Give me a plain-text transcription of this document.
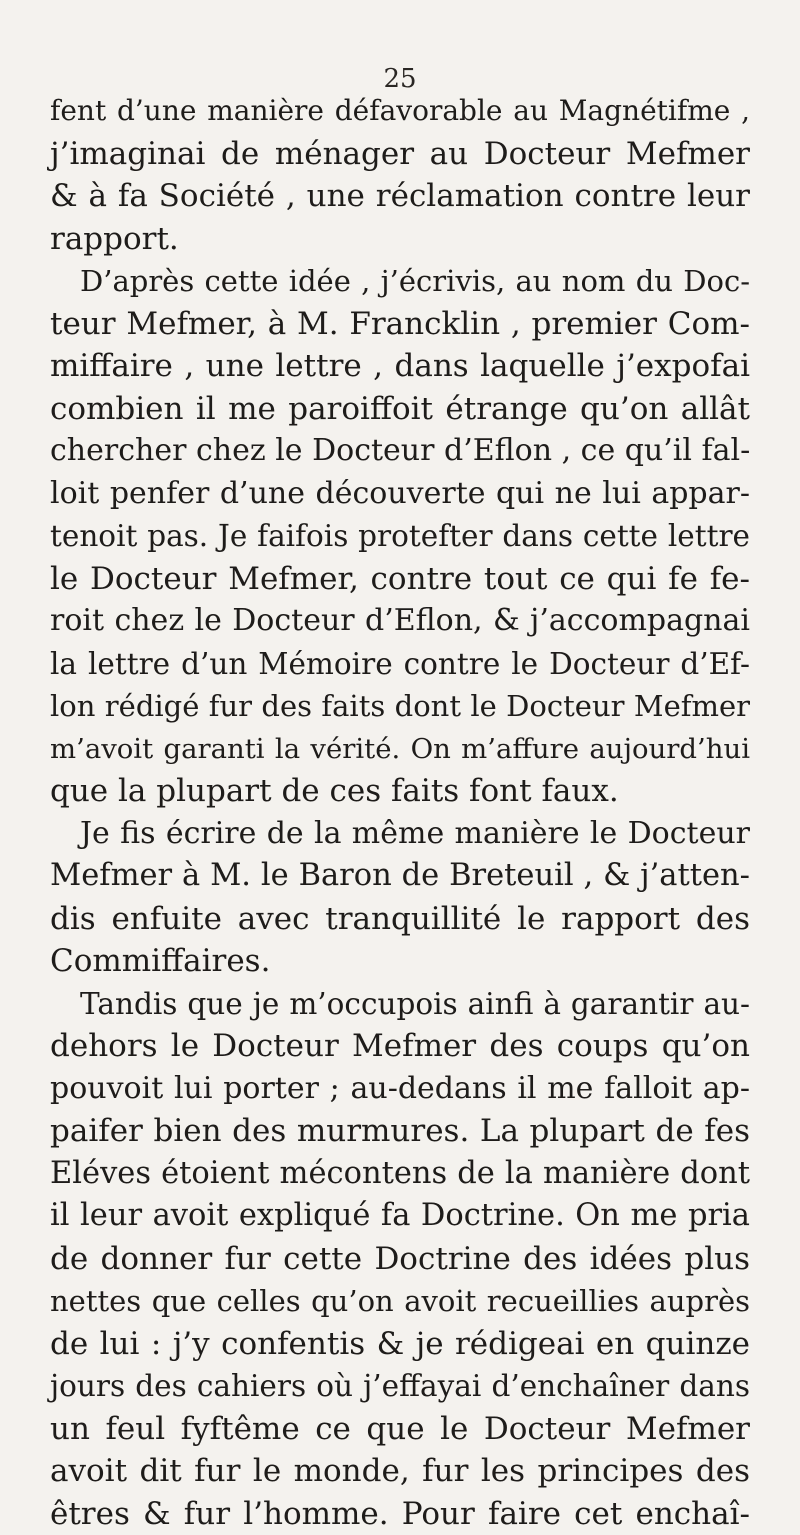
25
fent d’une manière défavorable au Magnétifme ,
j’imaginai de ménager au Docteur Mefmer
& à fa Société , une réclamation contre leur
rapport.
D’après cette idée , j’écrivis, au nom du Doc-
teur Mefmer, à M. Francklin , premier Com-
miffaire , une lettre , dans laquelle j’expofai
combien il me paroiffoit étrange qu’on allât
chercher chez le Docteur d’Eflon , ce qu’il fal-
loit penfer d’une découverte qui ne lui appar-
tenoit pas. Je faifois protefter dans cette lettre
le Docteur Mefmer, contre tout ce qui fe fe-
roit chez le Docteur d’Eflon, & j’accompagnai
la lettre d’un Mémoire contre le Docteur d’Ef-
lon rédigé fur des faits dont le Docteur Mefmer
m’avoit garanti la vérité. On m’affure aujourd’hui
que la plupart de ces faits font faux.
Je fis écrire de la même manière le Docteur
Mefmer à M. le Baron de Breteuil , & j’atten-
dis enfuite avec tranquillité le rapport des
Commiffaires.
Tandis que je m’occupois ainfi à garantir au-
dehors le Docteur Mefmer des coups qu’on
pouvoit lui porter ; au-dedans il me falloit ap-
paifer bien des murmures. La plupart de fes
Eléves étoient mécontens de la manière dont
il leur avoit expliqué fa Doctrine. On me pria
de donner fur cette Doctrine des idées plus
nettes que celles qu’on avoit recueillies auprès
de lui : j’y confentis & je rédigeai en quinze
jours des cahiers où j’effayai d’enchaîner dans
un feul fyftême ce que le Docteur Mefmer
avoit dit fur le monde, fur les principes des
êtres & fur l’homme. Pour faire cet enchaî-
